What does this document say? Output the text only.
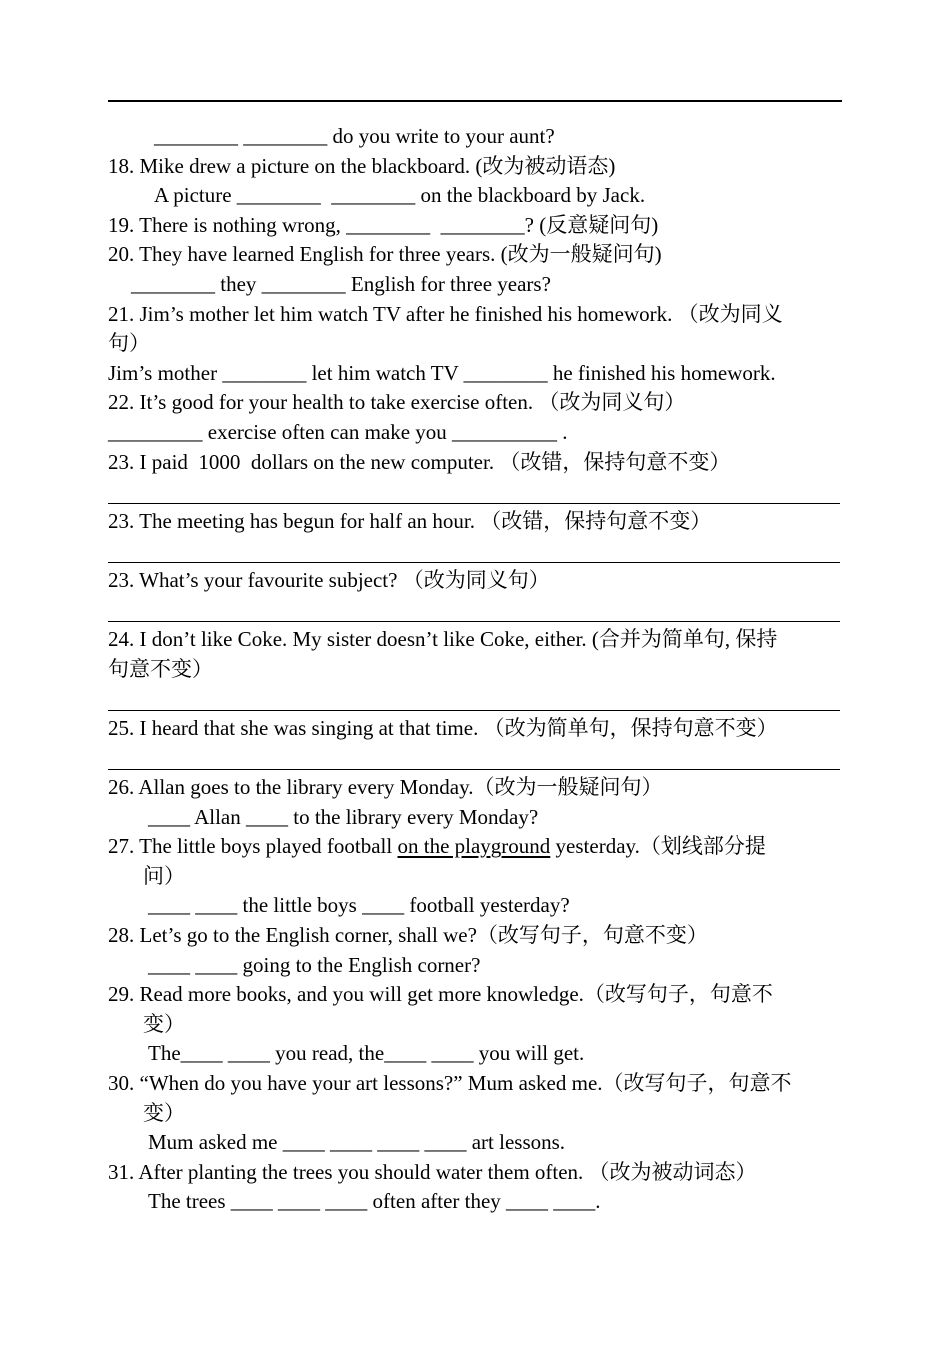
________ ________ do you write to your aunt?
18. Mike drew a picture on the blackboard. (改为被动语态)
A picture ________  ________ on the blackboard by Jack.
19. There is nothing wrong, ________  ________? (反意疑问句)
20. They have learned English for three years. (改为一般疑问句)
________ they ________ English for three years?
21. Jim’s mother let him watch TV after he finished his homework. （改为同义
句）
Jim’s mother ________ let him watch TV ________ he finished his homework.
22. It’s good for your health to take exercise often. （改为同义句）
_________ exercise often can make you __________ .
23. I paid  1000  dollars on the new computer. （改错，保持句意不变）
23. The meeting has begun for half an hour. （改错，保持句意不变）
23. What’s your favourite subject? （改为同义句）
24. I don’t like Coke. My sister doesn’t like Coke, either. (合并为简单句, 保持
句意不变）
25. I heard that she was singing at that time. （改为简单句，保持句意不变）
26. Allan goes to the library every Monday.（改为一般疑问句）
____ Allan ____ to the library every Monday?
27. The little boys played football on the playground yesterday.（划线部分提
问）
____ ____ the little boys ____ football yesterday?
28. Let’s go to the English corner, shall we?（改写句子，句意不变）
____ ____ going to the English corner?
29. Read more books, and you will get more knowledge.（改写句子，句意不
变）
The____ ____ you read, the____ ____ you will get.
30. “When do you have your art lessons?” Mum asked me.（改写句子，句意不
变）
Mum asked me ____ ____ ____ ____ art lessons.
31. After planting the trees you should water them often. （改为被动词态）
The trees ____ ____ ____ often after they ____ ____.
